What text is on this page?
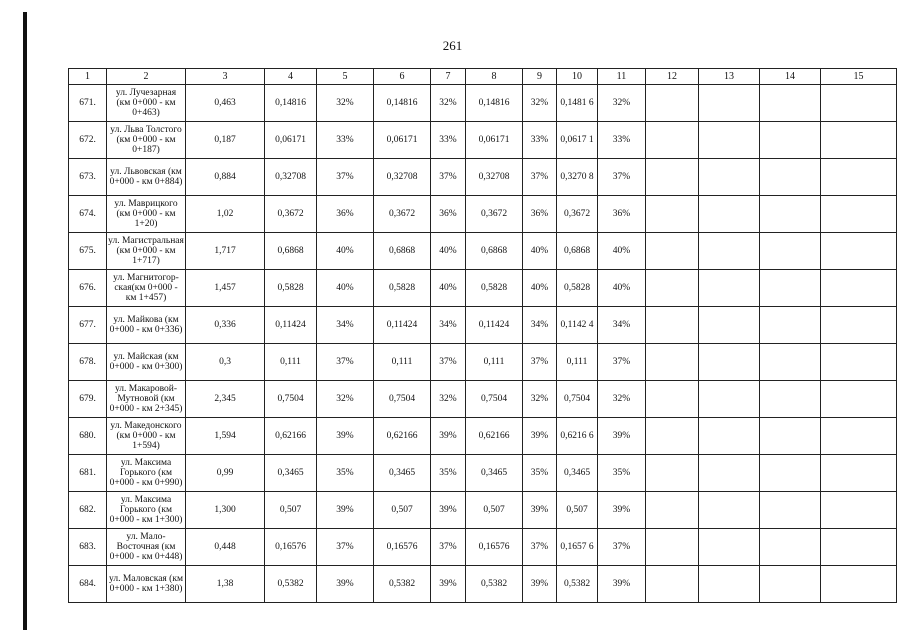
261
1	2	3	4	5	6	7	8	9	10	11	12	13	14	15
671.	ул. Лучезарная (км 0+000 - км 0+463)	0,463	0,14816	32%	0,14816	32%	0,14816	32%	0,1481 6	32%				
672.	ул. Льва Толстого (км 0+000 - км 0+187)	0,187	0,06171	33%	0,06171	33%	0,06171	33%	0,0617 1	33%				
673.	ул. Львовская (км 0+000 - км 0+884)	0,884	0,32708	37%	0,32708	37%	0,32708	37%	0,3270 8	37%				
674.	ул. Маврицкого (км 0+000 - км 1+20)	1,02	0,3672	36%	0,3672	36%	0,3672	36%	0,3672	36%				
675.	ул. Магистральная (км 0+000 - км 1+717)	1,717	0,6868	40%	0,6868	40%	0,6868	40%	0,6868	40%				
676.	ул. Магнитогор-ская(км 0+000 - км 1+457)	1,457	0,5828	40%	0,5828	40%	0,5828	40%	0,5828	40%				
677.	ул. Майкова (км 0+000 - км 0+336)	0,336	0,11424	34%	0,11424	34%	0,11424	34%	0,1142 4	34%				
678.	ул. Майская (км 0+000 - км 0+300)	0,3	0,111	37%	0,111	37%	0,111	37%	0,111	37%				
679.	ул. Макаровой-Мутновой (км 0+000 - км 2+345)	2,345	0,7504	32%	0,7504	32%	0,7504	32%	0,7504	32%				
680.	ул. Македонского (км 0+000 - км 1+594)	1,594	0,62166	39%	0,62166	39%	0,62166	39%	0,6216 6	39%				
681.	ул. Максима Горького (км 0+000 - км 0+990)	0,99	0,3465	35%	0,3465	35%	0,3465	35%	0,3465	35%				
682.	ул. Максима Горького (км 0+000 - км 1+300)	1,300	0,507	39%	0,507	39%	0,507	39%	0,507	39%				
683.	ул. Мало-Восточная (км 0+000 - км 0+448)	0,448	0,16576	37%	0,16576	37%	0,16576	37%	0,1657 6	37%				
684.	ул. Маловская (км 0+000 - км 1+380)	1,38	0,5382	39%	0,5382	39%	0,5382	39%	0,5382	39%				
